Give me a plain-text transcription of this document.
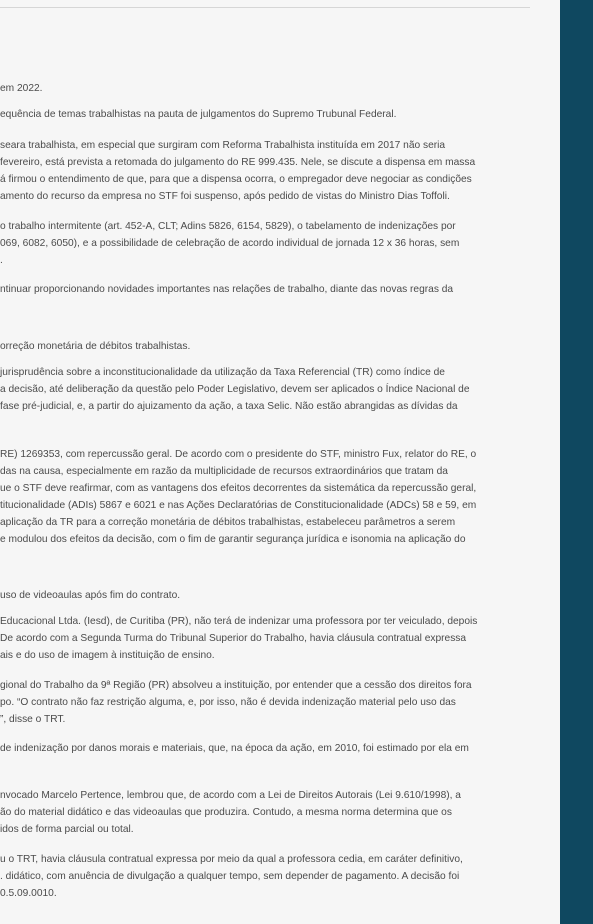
em 2022.

equência de temas trabalhistas na pauta de julgamentos do Supremo Trubunal Federal.

seara trabalhista, em especial que surgiram com Reforma Trabalhista instituída em 2017 não seria
fevereiro, está prevista a retomada do julgamento do RE 999.435. Nele, se discute a dispensa em massa
á firmou o entendimento de que, para que a dispensa ocorra, o empregador deve negociar as condições
amento do recurso da empresa no STF foi suspenso, após pedido de vistas do Ministro Dias Toffoli.

o trabalho intermitente (art. 452-A, CLT; Adins 5826, 6154, 5829), o tabelamento de indenizações por
069, 6082, 6050), e a possibilidade de celebração de acordo individual de jornada 12 x 36 horas, sem
.

ntinuar proporcionando novidades importantes nas relações de trabalho, diante das novas regras da

orreção monetária de débitos trabalhistas.

jurisprudência sobre a inconstitucionalidade da utilização da Taxa Referencial (TR) como índice de
a decisão, até deliberação da questão pelo Poder Legislativo, devem ser aplicados o Índice Nacional de
fase pré-judicial, e, a partir do ajuizamento da ação, a taxa Selic. Não estão abrangidas as dívidas da

RE) 1269353, com repercussão geral. De acordo com o presidente do STF, ministro Fux, relator do RE, o
das na causa, especialmente em razão da multiplicidade de recursos extraordinários que tratam da
ue o STF deve reafirmar, com as vantagens dos efeitos decorrentes da sistemática da repercussão geral,
titucionalidade (ADIs) 5867 e 6021 e nas Ações Declaratórias de Constitucionalidade (ADCs) 58 e 59, em
aplicação da TR para a correção monetária de débitos trabalhistas, estabeleceu parâmetros a serem
e modulou dos efeitos da decisão, com o fim de garantir segurança jurídica e isonomia na aplicação do

uso de videoaulas após fim do contrato.

Educacional Ltda. (Iesd), de Curitiba (PR), não terá de indenizar uma professora por ter veiculado, depois
De acordo com a Segunda Turma do Tribunal Superior do Trabalho, havia cláusula contratual expressa
ais e do uso de imagem à instituição de ensino.

gional do Trabalho da 9ª Região (PR) absolveu a instituição, por entender que a cessão dos direitos fora
po. “O contrato não faz restrição alguma, e, por isso, não é devida indenização material pelo uso das
”, disse o TRT.

de indenização por danos morais e materiais, que, na época da ação, em 2010, foi estimado por ela em

nvocado Marcelo Pertence, lembrou que, de acordo com a Lei de Direitos Autorais (Lei 9.610/1998), a
ão do material didático e das videoaulas que produzira. Contudo, a mesma norma determina que os
idos de forma parcial ou total.

u o TRT, havia cláusula contratual expressa por meio da qual a professora cedia, em caráter definitivo,
. didático, com anuência de divulgação a qualquer tempo, sem depender de pagamento. A decisão foi
0.5.09.0010.
